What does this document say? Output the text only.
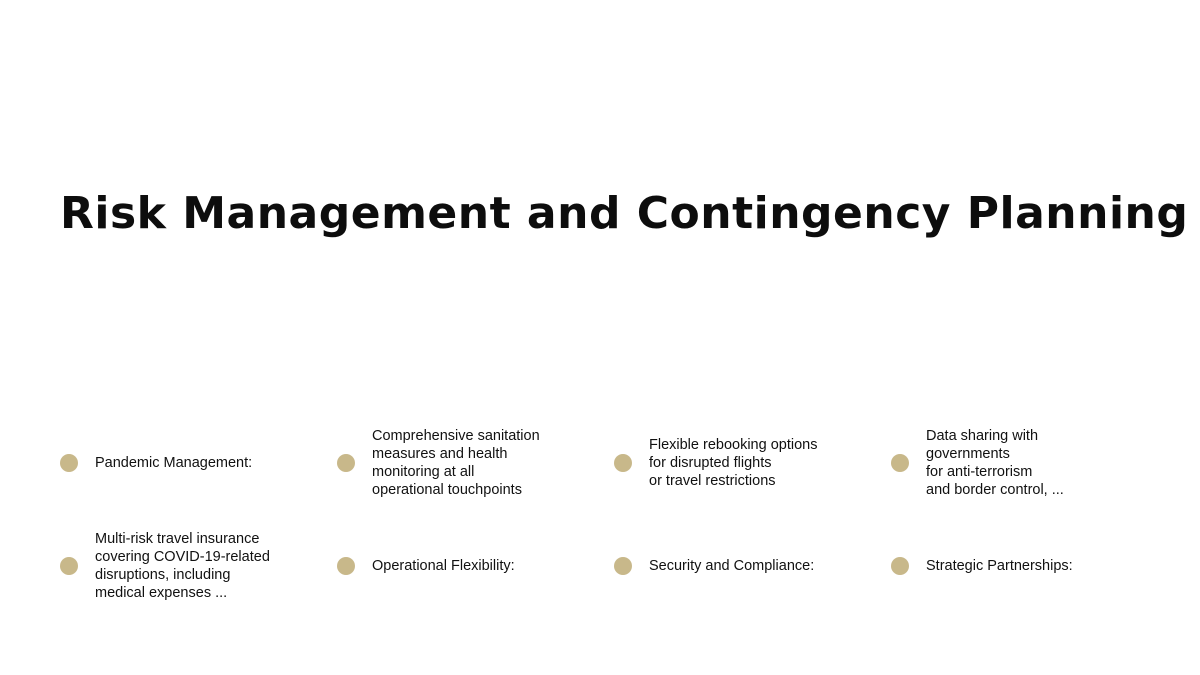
Risk Management and Contingency Planning
Pandemic Management:
Comprehensive sanitation
measures and health
monitoring at all
operational touchpoints
Flexible rebooking options
for disrupted flights
or travel restrictions
Data sharing with
governments
for anti-terrorism
and border control, ...
Multi-risk travel insurance
covering COVID-19-related
disruptions, including
medical expenses ...
Operational Flexibility:	Security and Compliance:	Strategic Partnerships:
